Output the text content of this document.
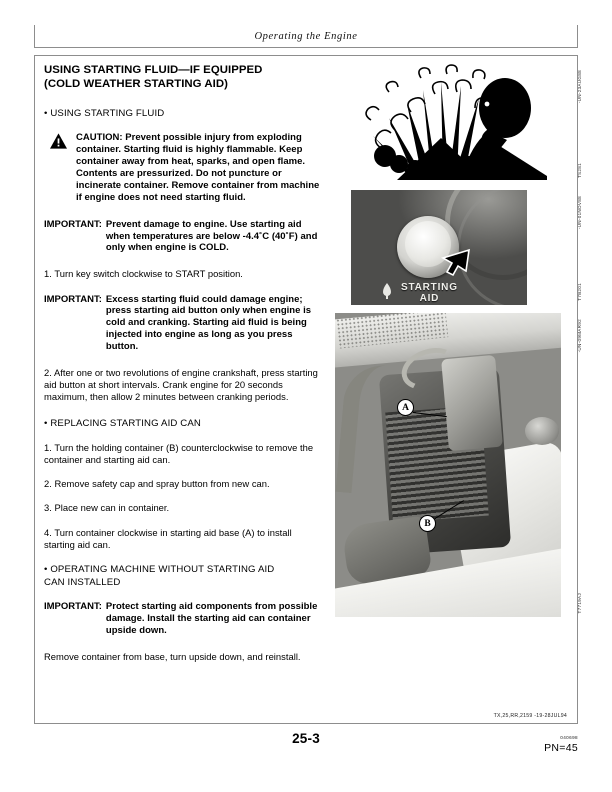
Operating the Engine
USING STARTING FLUID—IF EQUIPPED
(COLD WEATHER STARTING AID)
• USING STARTING FLUID
CAUTION: Prevent possible injury from exploding container. Starting fluid is highly flammable. Keep container away from heat, sparks, and open flame. Contents are pressurized. Do not puncture or incinerate container. Remove container from machine if engine does not need starting fluid.
IMPORTANT: Prevent damage to engine. Use starting aid when temperatures are below -4.4˚C (40˚F) and only when engine is COLD.
1. Turn key switch clockwise to START position.
IMPORTANT: Excess starting fluid could damage engine; press starting aid button only when engine is cold and cranking. Starting aid fluid is being injected into engine as long as you press button.
2. After one or two revolutions of engine crankshaft, press starting aid button at short intervals. Crank engine for 20 seconds maximum, then allow 2 minutes between cranking periods.
• REPLACING STARTING AID CAN
1. Turn the holding container (B) counterclockwise to remove the container and starting aid can.
2. Remove safety cap and spray button from new can.
3. Place new can in container.
4. Turn container clockwise in starting aid base (A) to install starting aid can.
• OPERATING MACHINE WITHOUT STARTING AID
CAN INSTALLED
IMPORTANT: Protect starting aid components from possible damage. Install the starting aid can container upside down.
Remove container from base, turn upside down, and reinstall.
-UN-23AUG88
TS281
STARTING
AID
-UN-01NOV88
T7B201
A
B
-UN-09MAR92
T7719AJ
TX,25,RR,2159 -19-28JUL94
25-3	040698
PN=45
